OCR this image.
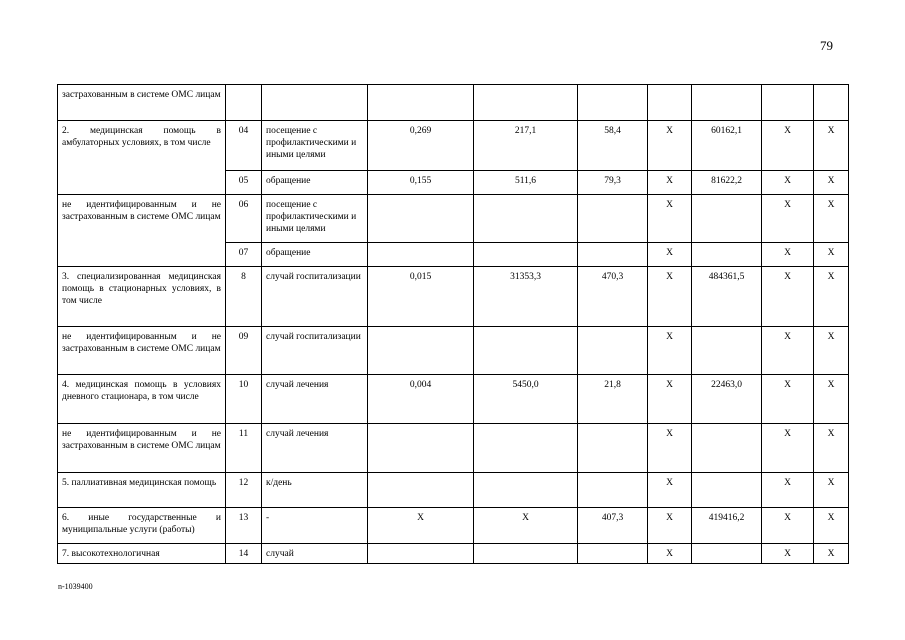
79
застрахованным в системе ОМС лицам									
2. медицинская помощь в амбулаторных условиях, в том числе	04	посещение с профилактическими и иными целями	0,269	217,1	58,4	X	60162,1	X	X
	05	обращение	0,155	511,6	79,3	X	81622,2	X	X
не идентифицированным и не застрахованным в системе ОМС лицам	06	посещение с профилактическими и иными целями				X		X	X
	07	обращение				X		X	X
3. специализированная медицинская помощь в стационарных условиях, в том числе	8	случай госпитализации	0,015	31353,3	470,3	X	484361,5	X	X
не идентифицированным и не застрахованным в системе ОМС лицам	09	случай госпитализации				X		X	X
4. медицинская помощь в условиях дневного стационара, в том числе	10	случай лечения	0,004	5450,0	21,8	X	22463,0	X	X
не идентифицированным и не застрахованным в системе ОМС лицам	11	случай лечения				X		X	X
5. паллиативная медицинская помощь	12	к/день				X		X	X
6. иные государственные и муниципальные услуги (работы)	13	-	X	X	407,3	X	419416,2	X	X
7. высокотехнологичная	14	случай				X		X	X
n-1039400
